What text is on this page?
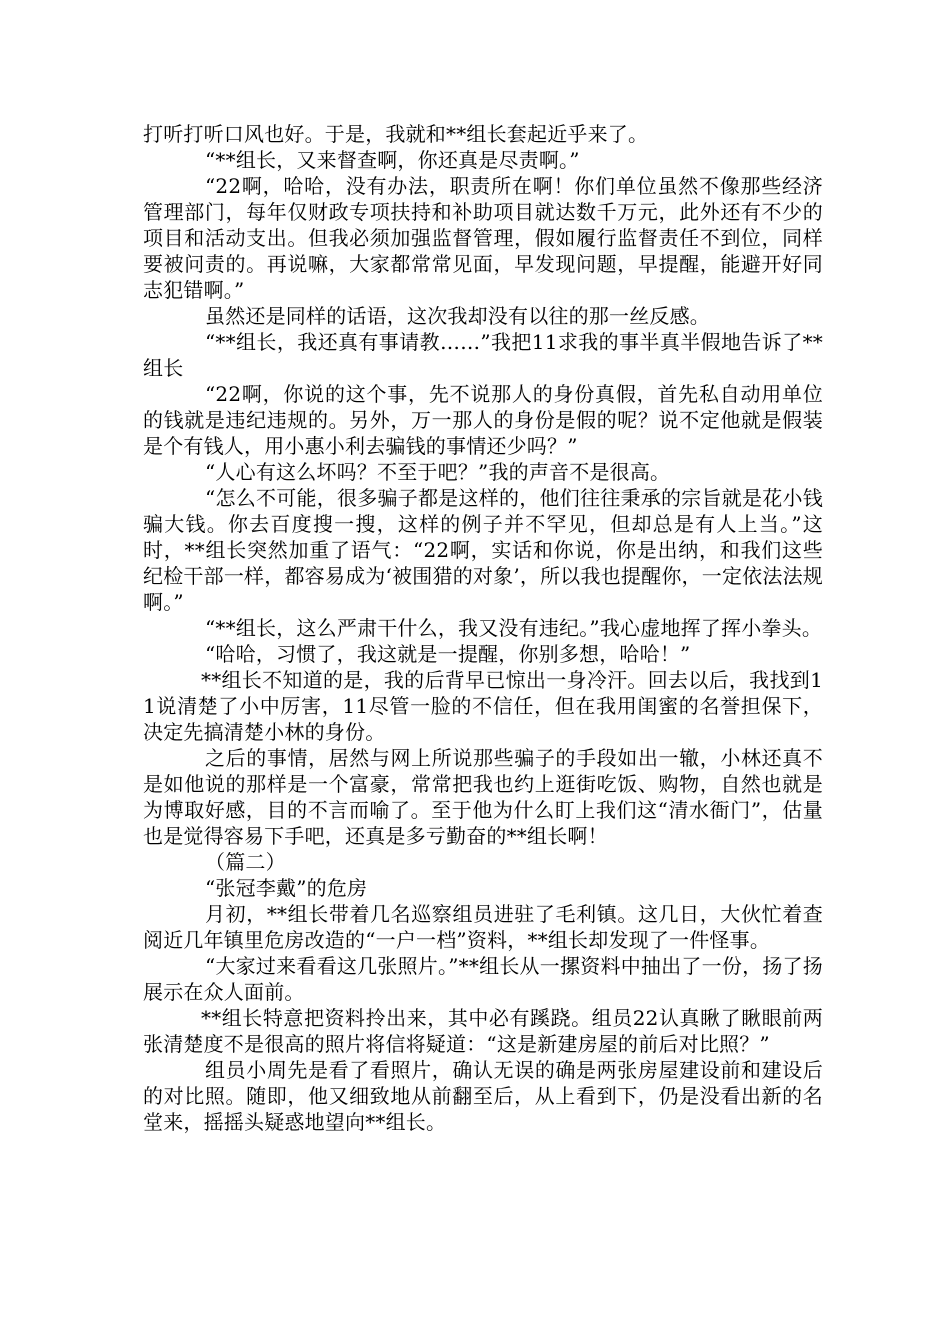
打听打听口风也好。于是，我就和**组长套起近乎来了。

“**组长，又来督查啊，你还真是尽责啊。”

“22啊，哈哈，没有办法，职责所在啊！你们单位虽然不像那些经济管理部门，每年仅财政专项扶持和补助项目就达数千万元，此外还有不少的项目和活动支出。但我必须加强监督管理，假如履行监督责任不到位，同样要被问责的。再说嘛，大家都常常见面，早发现问题，早提醒，能避开好同志犯错啊。”

虽然还是同样的话语，这次我却没有以往的那一丝反感。

“**组长，我还真有事请教……”我把11求我的事半真半假地告诉了**组长

“22啊，你说的这个事，先不说那人的身份真假，首先私自动用单位的钱就是违纪违规的。另外，万一那人的身份是假的呢？说不定他就是假装是个有钱人，用小惠小利去骗钱的事情还少吗？”

“人心有这么坏吗？不至于吧？”我的声音不是很高。

“怎么不可能，很多骗子都是这样的，他们往往秉承的宗旨就是花小钱骗大钱。你去百度搜一搜，这样的例子并不罕见，但却总是有人上当。”这时，**组长突然加重了语气：“22啊，实话和你说，你是出纳，和我们这些纪检干部一样，都容易成为‘被围猎的对象’，所以我也提醒你，一定依法法规啊。”

“**组长，这么严肃干什么，我又没有违纪。”我心虚地挥了挥小拳头。

“哈哈，习惯了，我这就是一提醒，你别多想，哈哈！”

**组长不知道的是，我的后背早已惊出一身冷汗。回去以后，我找到11说清楚了小中厉害，11尽管一脸的不信任，但在我用闺蜜的名誉担保下，决定先搞清楚小林的身份。

之后的事情，居然与网上所说那些骗子的手段如出一辙，小林还真不是如他说的那样是一个富豪，常常把我也约上逛街吃饭、购物，自然也就是为博取好感，目的不言而喻了。至于他为什么盯上我们这“清水衙门”，估量也是觉得容易下手吧，还真是多亏勤奋的**组长啊！

（篇二）

“张冠李戴”的危房

月初，**组长带着几名巡察组员进驻了毛利镇。这几日，大伙忙着查阅近几年镇里危房改造的“一户一档”资料，**组长却发现了一件怪事。

“大家过来看看这几张照片。”**组长从一摞资料中抽出了一份，扬了扬展示在众人面前。

**组长特意把资料拎出来，其中必有蹊跷。组员22认真瞅了瞅眼前两张清楚度不是很高的照片将信将疑道：“这是新建房屋的前后对比照？”

组员小周先是看了看照片，确认无误的确是两张房屋建设前和建设后的对比照。随即，他又细致地从前翻至后，从上看到下，仍是没看出新的名堂来，摇摇头疑惑地望向**组长。
